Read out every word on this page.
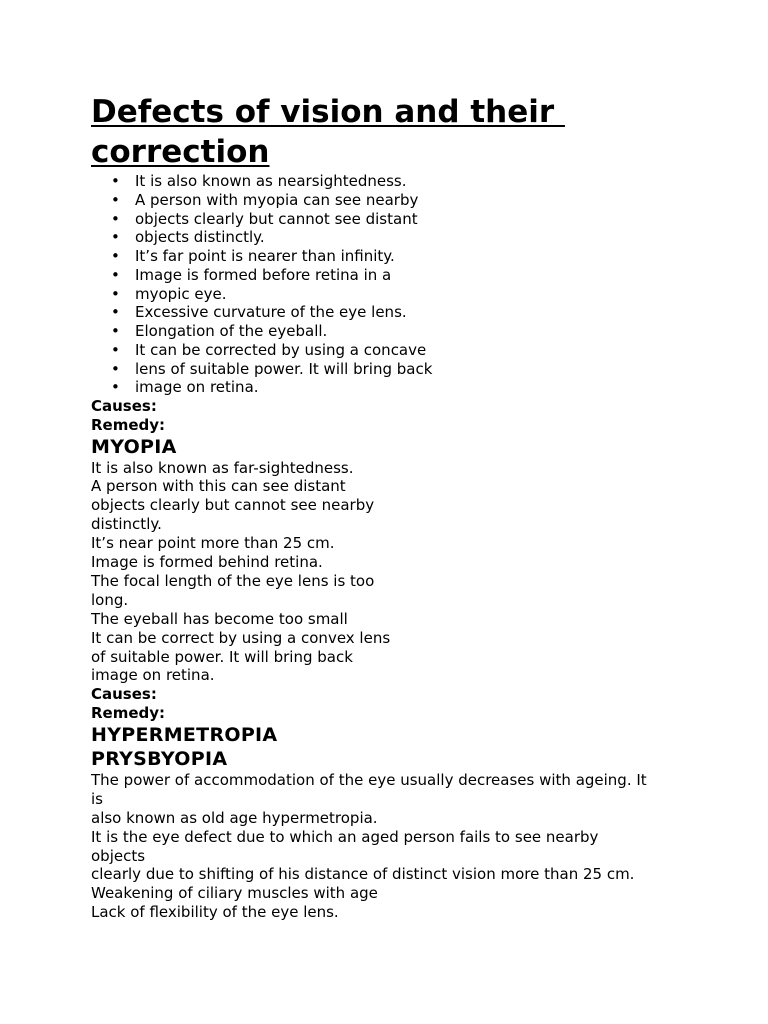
Defects of vision and their
correction
• It is also known as nearsightedness.
• A person with myopia can see nearby
• objects clearly but cannot see distant
• objects distinctly.
• It’s far point is nearer than infinity.
• Image is formed before retina in a
• myopic eye.
• Excessive curvature of the eye lens.
• Elongation of the eyeball.
• It can be corrected by using a concave
• lens of suitable power. It will bring back
• image on retina.
Causes:
Remedy:
MYOPIA
It is also known as far-sightedness.
A person with this can see distant
objects clearly but cannot see nearby
distinctly.
It’s near point more than 25 cm.
Image is formed behind retina.
The focal length of the eye lens is too
long.
The eyeball has become too small
It can be correct by using a convex lens
of suitable power. It will bring back
image on retina.
Causes:
Remedy:
HYPERMETROPIA
PRYSBYOPIA
The power of accommodation of the eye usually decreases with ageing. It
is
also known as old age hypermetropia.
It is the eye defect due to which an aged person fails to see nearby
objects
clearly due to shifting of his distance of distinct vision more than 25 cm.
Weakening of ciliary muscles with age
Lack of flexibility of the eye lens.
